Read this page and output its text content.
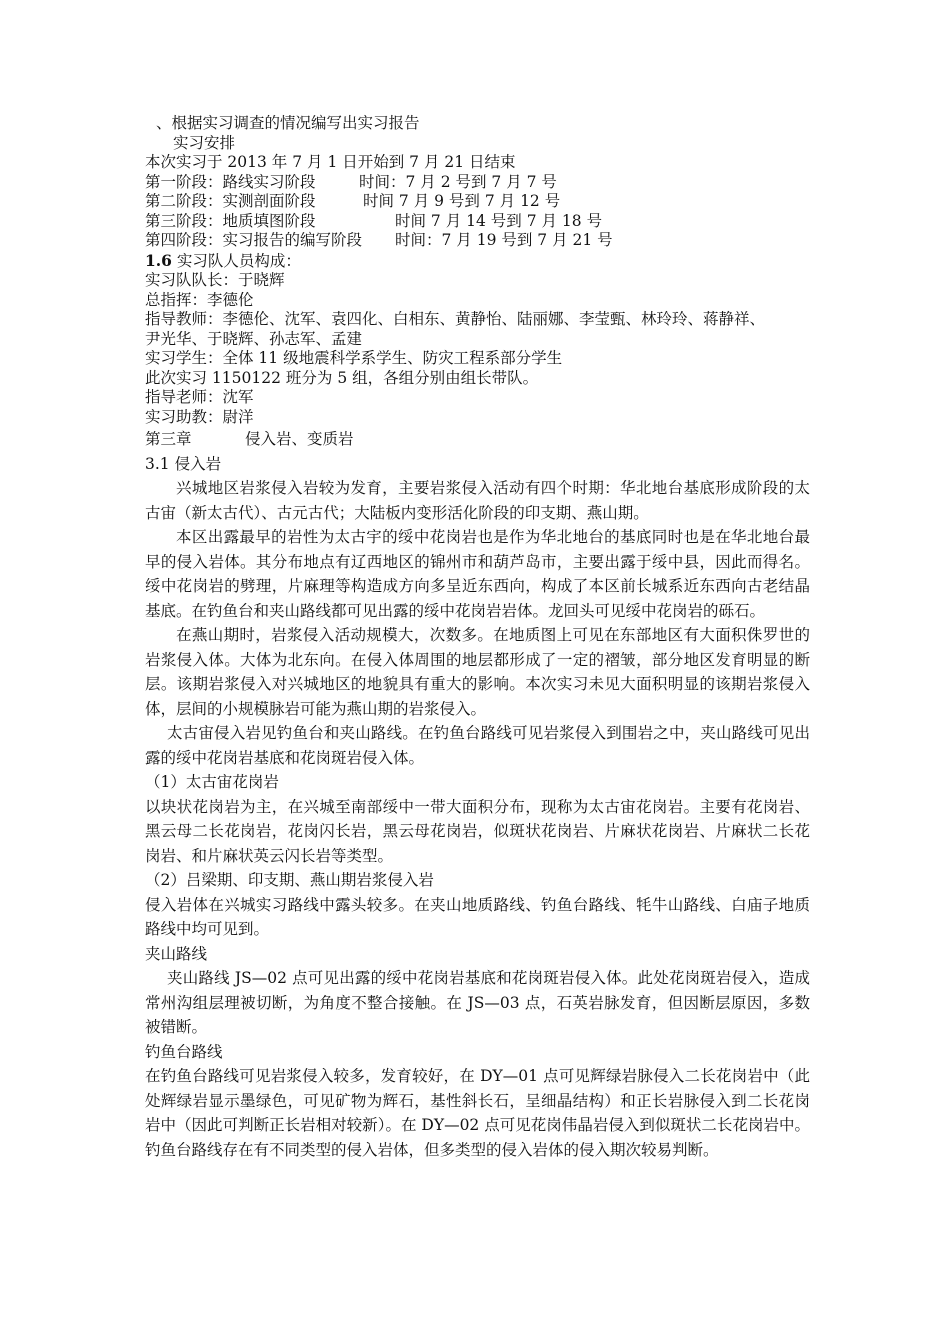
、根据实习调查的情况编写出实习报告
实习安排
本次实习于 2013 年 7 月 1 日开始到 7 月 21 日结束
第一阶段：路线实习阶段	时间：7 月 2 号到 7 月 7 号
第二阶段：实测剖面阶段	时间 7 月 9 号到 7 月 12 号
第三阶段：地质填图阶段	时间 7 月 14 号到 7 月 18 号
第四阶段：实习报告的编写阶段 时间：7 月 19 号到 7 月 21 号
1.6 实习队人员构成：
实习队队长：于晓辉
总指挥：李德伦
指导教师：李德伦、沈军、袁四化、白相东、黄静怡、陆丽娜、李莹甄、林玲玲、蒋静祥、
尹光华、于晓辉、孙志军、孟建
实习学生：全体 11 级地震科学系学生、防灾工程系部分学生
此次实习 1150122 班分为 5 组，各组分别由组长带队。
指导老师：沈军
实习助教：尉洋
第三章	侵入岩、变质岩
3.1 侵入岩
兴城地区岩浆侵入岩较为发育，主要岩浆侵入活动有四个时期：华北地台基底形成阶段的太古宙（新太古代）、古元古代；大陆板内变形活化阶段的印支期、燕山期。
本区出露最早的岩性为太古宇的绥中花岗岩也是作为华北地台的基底同时也是在华北地台最早的侵入岩体。其分布地点有辽西地区的锦州市和葫芦岛市，主要出露于绥中县，因此而得名。绥中花岗岩的劈理，片麻理等构造成方向多呈近东西向，构成了本区前长城系近东西向古老结晶基底。在钓鱼台和夹山路线都可见出露的绥中花岗岩岩体。龙回头可见绥中花岗岩的砾石。
在燕山期时，岩浆侵入活动规模大，次数多。在地质图上可见在东部地区有大面积侏罗世的岩浆侵入体。大体为北东向。在侵入体周围的地层都形成了一定的褶皱，部分地区发育明显的断层。该期岩浆侵入对兴城地区的地貌具有重大的影响。本次实习未见大面积明显的该期岩浆侵入体，层间的小规模脉岩可能为燕山期的岩浆侵入。
太古宙侵入岩见钓鱼台和夹山路线。在钓鱼台路线可见岩浆侵入到围岩之中，夹山路线可见出露的绥中花岗岩基底和花岗斑岩侵入体。
（1）太古宙花岗岩
以块状花岗岩为主，在兴城至南部绥中一带大面积分布，现称为太古宙花岗岩。主要有花岗岩、黑云母二长花岗岩，花岗闪长岩，黑云母花岗岩，似斑状花岗岩、片麻状花岗岩、片麻状二长花岗岩、和片麻状英云闪长岩等类型。
（2）吕梁期、印支期、燕山期岩浆侵入岩
侵入岩体在兴城实习路线中露头较多。在夹山地质路线、钓鱼台路线、牦牛山路线、白庙子地质路线中均可见到。
夹山路线
夹山路线 JS—02 点可见出露的绥中花岗岩基底和花岗斑岩侵入体。此处花岗斑岩侵入，造成常州沟组层理被切断，为角度不整合接触。在 JS—03 点，石英岩脉发育，但因断层原因，多数被错断。
钓鱼台路线
在钓鱼台路线可见岩浆侵入较多，发育较好，在 DY—01 点可见辉绿岩脉侵入二长花岗岩中（此处辉绿岩显示墨绿色，可见矿物为辉石，基性斜长石，呈细晶结构）和正长岩脉侵入到二长花岗岩中（因此可判断正长岩相对较新）。在 DY—02 点可见花岗伟晶岩侵入到似斑状二长花岗岩中。钓鱼台路线存在有不同类型的侵入岩体，但多类型的侵入岩体的侵入期次较易判断。
